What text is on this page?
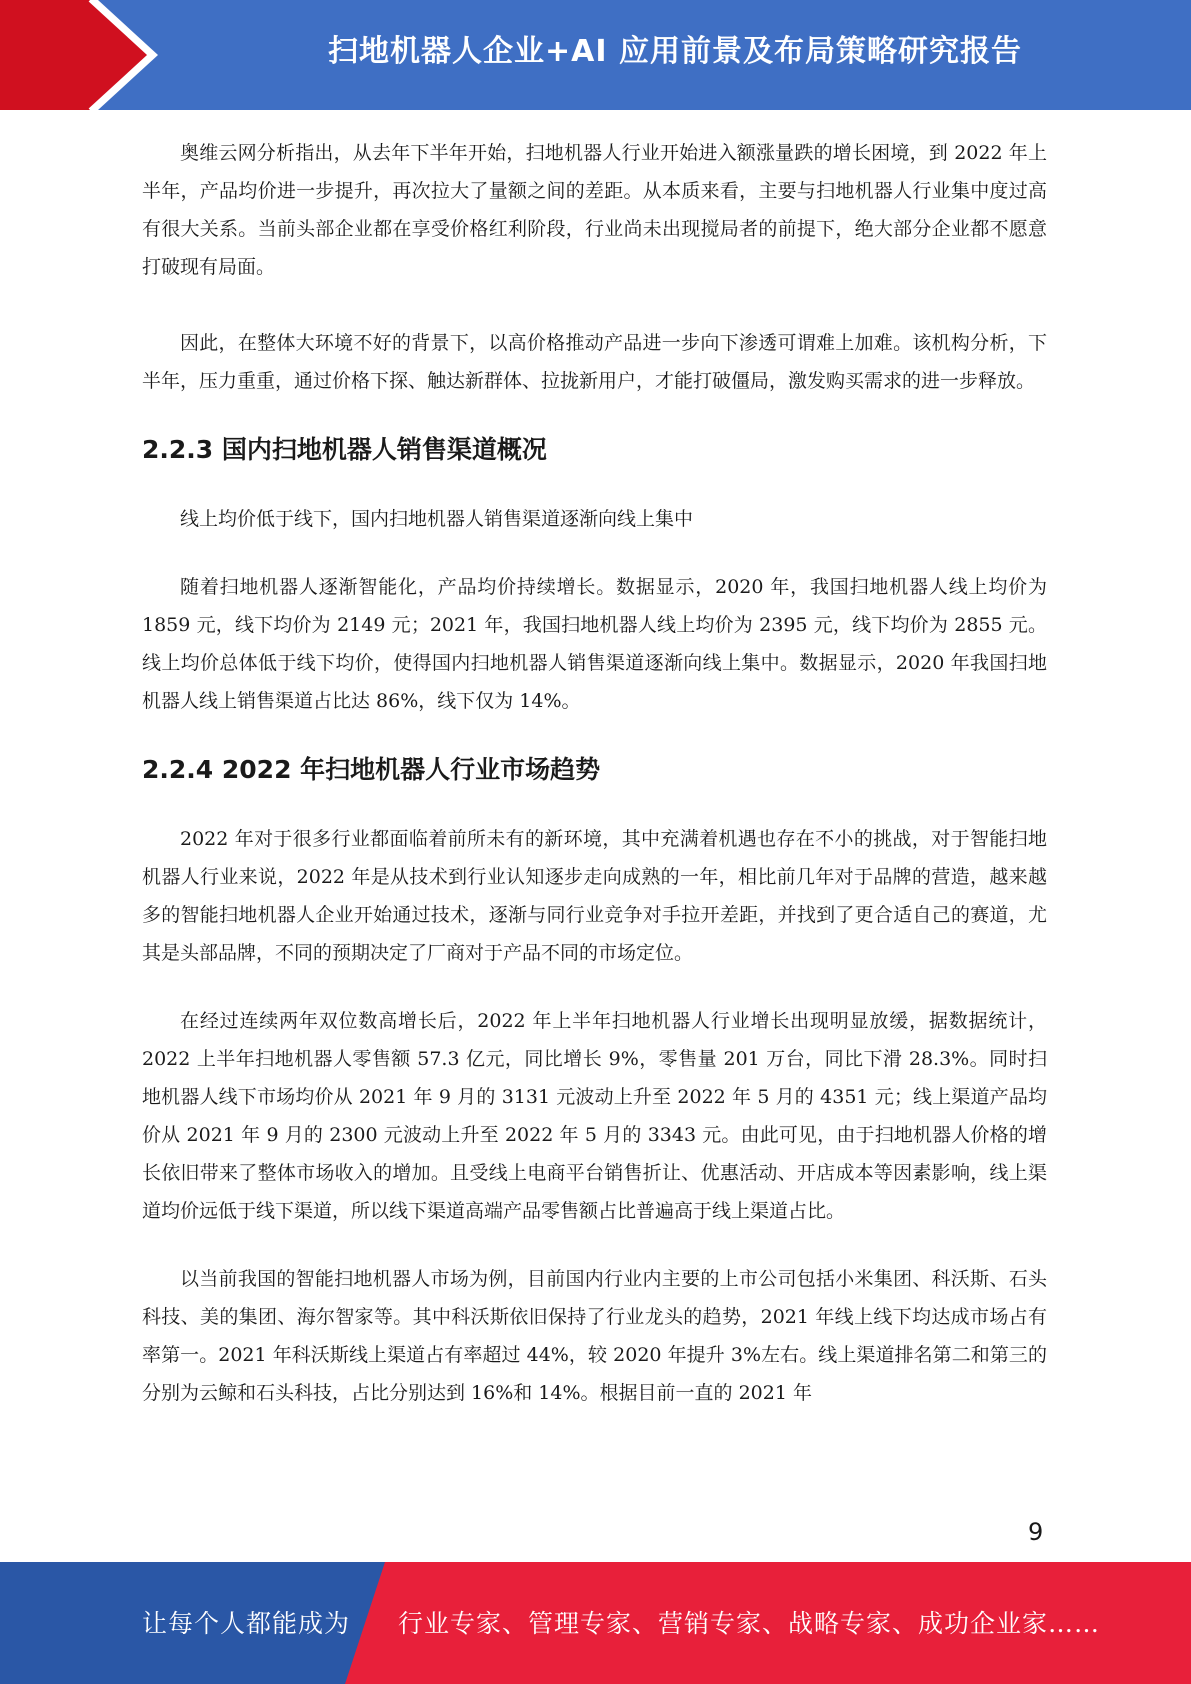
扫地机器人企业+AI 应用前景及布局策略研究报告

奥维云网分析指出，从去年下半年开始，扫地机器人行业开始进入额涨量跌的增长困境，到 2022 年上半年，产品均价进一步提升，再次拉大了量额之间的差距。从本质来看，主要与扫地机器人行业集中度过高有很大关系。当前头部企业都在享受价格红利阶段，行业尚未出现搅局者的前提下，绝大部分企业都不愿意打破现有局面。

因此，在整体大环境不好的背景下，以高价格推动产品进一步向下渗透可谓难上加难。该机构分析，下半年，压力重重，通过价格下探、触达新群体、拉拢新用户，才能打破僵局，激发购买需求的进一步释放。

2.2.3 国内扫地机器人销售渠道概况

线上均价低于线下，国内扫地机器人销售渠道逐渐向线上集中

随着扫地机器人逐渐智能化，产品均价持续增长。数据显示，2020 年，我国扫地机器人线上均价为 1859 元，线下均价为 2149 元；2021 年，我国扫地机器人线上均价为 2395 元，线下均价为 2855 元。线上均价总体低于线下均价，使得国内扫地机器人销售渠道逐渐向线上集中。数据显示，2020 年我国扫地机器人线上销售渠道占比达 86%，线下仅为 14%。

2.2.4 2022 年扫地机器人行业市场趋势

2022 年对于很多行业都面临着前所未有的新环境，其中充满着机遇也存在不小的挑战，对于智能扫地机器人行业来说，2022 年是从技术到行业认知逐步走向成熟的一年，相比前几年对于品牌的营造，越来越多的智能扫地机器人企业开始通过技术，逐渐与同行业竞争对手拉开差距，并找到了更合适自己的赛道，尤其是头部品牌，不同的预期决定了厂商对于产品不同的市场定位。

在经过连续两年双位数高增长后，2022 年上半年扫地机器人行业增长出现明显放缓，据数据统计，2022 上半年扫地机器人零售额 57.3 亿元，同比增长 9%，零售量 201 万台，同比下滑 28.3%。同时扫地机器人线下市场均价从 2021 年 9 月的 3131 元波动上升至 2022 年 5 月的 4351 元；线上渠道产品均价从 2021 年 9 月的 2300 元波动上升至 2022 年 5 月的 3343 元。由此可见，由于扫地机器人价格的增长依旧带来了整体市场收入的增加。且受线上电商平台销售折让、优惠活动、开店成本等因素影响，线上渠道均价远低于线下渠道，所以线下渠道高端产品零售额占比普遍高于线上渠道占比。

以当前我国的智能扫地机器人市场为例，目前国内行业内主要的上市公司包括小米集团、科沃斯、石头科技、美的集团、海尔智家等。其中科沃斯依旧保持了行业龙头的趋势，2021 年线上线下均达成市场占有率第一。2021 年科沃斯线上渠道占有率超过 44%，较 2020 年提升 3%左右。线上渠道排名第二和第三的分别为云鲸和石头科技，占比分别达到 16%和 14%。根据目前一直的 2021 年

9
让每个人都能成为 行业专家、管理专家、营销专家、战略专家、成功企业家……
